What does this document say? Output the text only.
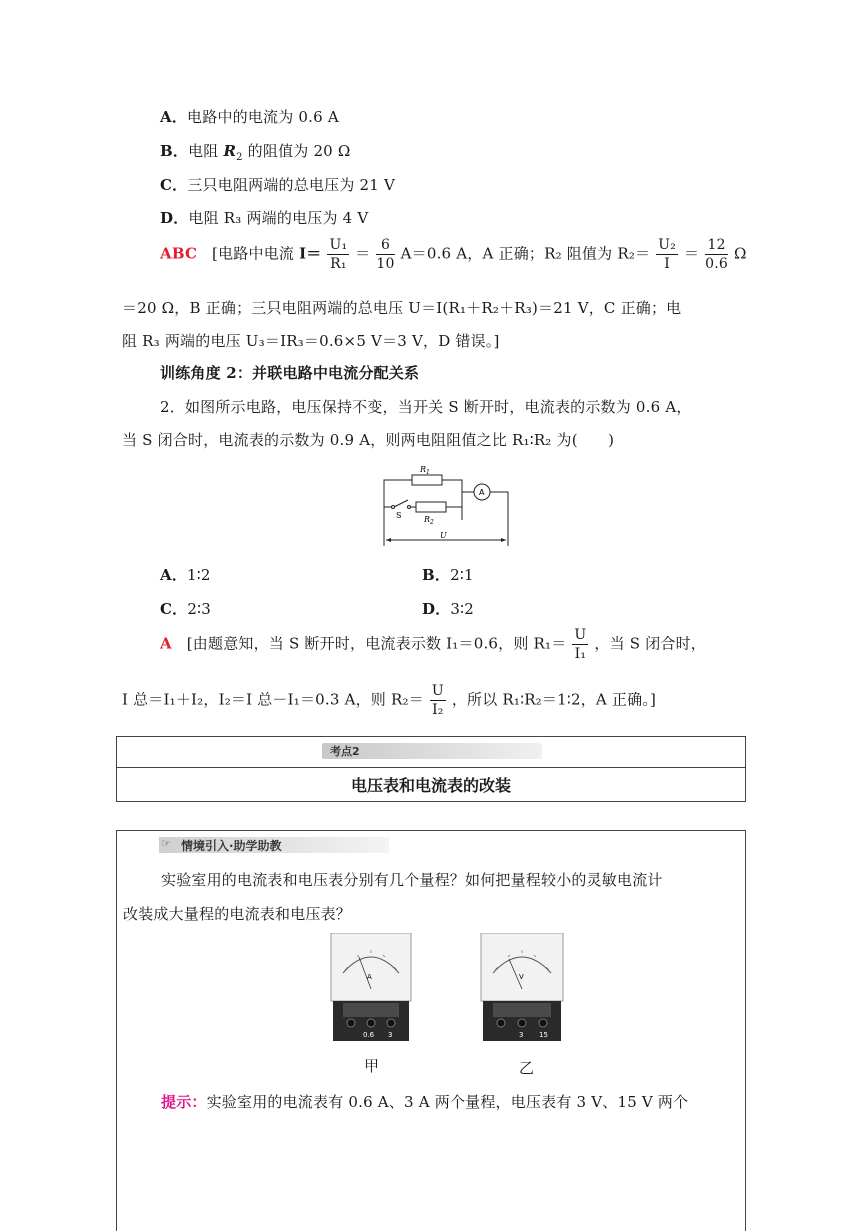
A．电路中的电流为 0.6 A
B．电阻 $R_2$ 的阻值为 20 Ω
C．三只电阻两端的总电压为 21 V
D．电阻 R₃ 两端的电压为 4 V
ABC [电路中电流 $I= \frac{\text{U₁}}{\text{R₁}} = \frac{6}{10} A=0.6$ A，A 正确；R₂ 阻值为 $R_2= \frac{\text{U₂}}{I} = \frac{12}{0.6}$ Ω
＝20 Ω，B 正确；三只电阻两端的总电压 U＝I(R₁＋R₂＋R₃)＝21 V，C 正确；电
阻 R₃ 两端的电压 U₃＝IR₃＝0.6×5 V＝3 V，D 错误。]
训练角度 2：并联电路中电流分配关系
2．如图所示电路，电压保持不变，当开关 S 断开时，电流表的示数为 0.6 A，
当 S 闭合时，电流表的示数为 0.9 A，则两电阻阻值之比 R₁∶R₂ 为(　　)
$R_1$
$R_2$
S
A
U
A．1∶2	B．2∶1
C．2∶3	D．3∶2
A [由题意知，当 S 断开时，电流表示数 I₁＝0.6，则 $R_1= \frac{U}{\text{I₁}}$ ，当 S 闭合时，
I 总＝I₁＋I₂，I₂＝I 总－I₁＝0.3 A，则 $R_2= \frac{U}{\text{I₂}}$ ，所以 R₁∶R₂＝1∶2，A 正确。]
考点2
电压表和电流表的改装
☞ 情境引入·助学助教
实验室用的电流表和电压表分别有几个量程？如何把量程较小的灵敏电流计
改装成大量程的电流表和电压表？
A
0.6 3
甲
V
3 15
乙
提示：实验室用的电流表有 0.6 A、3 A 两个量程，电压表有 3 V、15 V 两个
